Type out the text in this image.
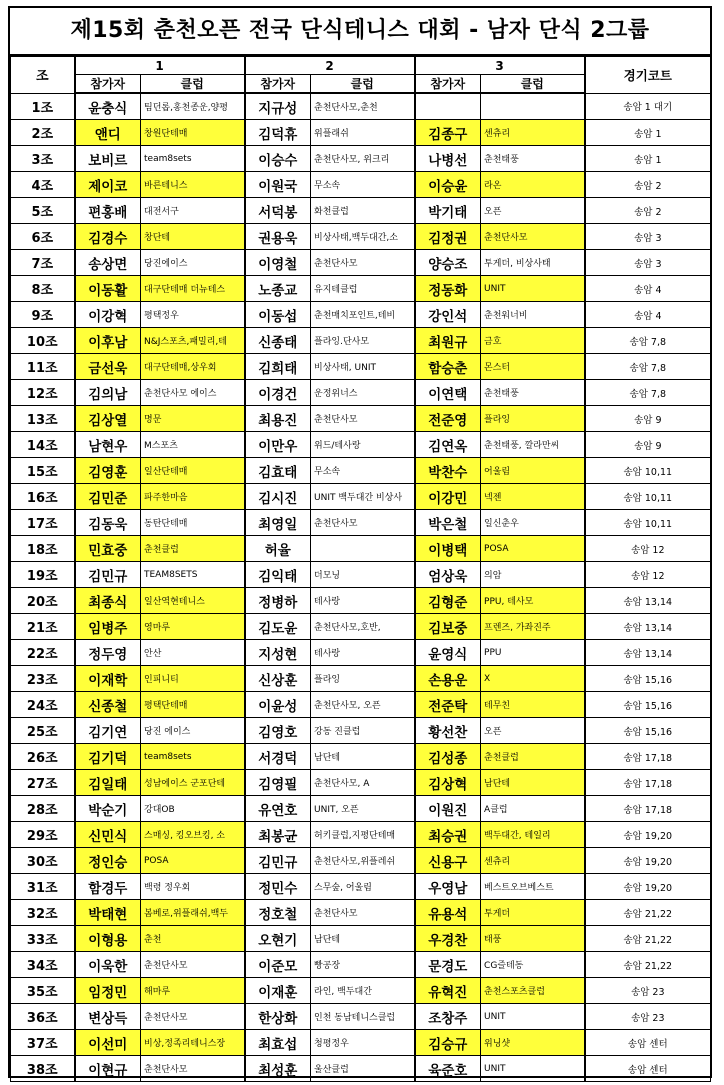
제15회 춘천오픈 전국 단식테니스 대회 - 남자 단식 2그룹
조	1		2		3		경기코트
	참가자	클럽	참가자	클럽	참가자	클럽	
1조	윤충식	팀던롭,홍천종운,양평	지규성	춘천단사모,춘천			송암 1 대기
2조	앤디	창원단테매	김덕휴	위플래쉬	김종구	센츄리	송암 1
3조	보비르	team8sets	이승수	춘천단사모, 위크리	나병선	춘천태풍	송암 1
4조	제이코	바른테니스	이원국	무소속	이승윤	라온	송암 2
5조	편홍배	대전서구	서덕봉	화천클럽	박기태	오픈	송암 2
6조	김경수	창단테	권용욱	비상사태,백두대간,소	김정권	춘천단사모	송암 3
7조	송상면	당진에이스	이영철	춘천단사모	양승조	투게더, 비상사태	송암 3
8조	이동활	대구단테매 더뉴테스	노종교	유지테클럽	정동화	UNIT	송암 4
9조	이강혁	평택정우	이동섭	춘천매치포인트,테비	강인석	춘천워너비	송암 4
10조	이후남	N&J스포츠,패밀리,테	신종태	플라잉.단사모	최원규	금호	송암 7,8
11조	금선욱	대구단테매,상우회	김희태	비상사태, UNIT	함승춘	몬스터	송암 7,8
12조	김의남	춘천단사모 에이스	이경건	운정위너스	이연택	춘천태풍	송암 7,8
13조	김상열	명문	최용진	춘천단사모	전준영	플라잉	송암 9
14조	남현우	M스포츠	이만우	위드/테사랑	김연옥	춘천태풍, 깔라만씨	송암 9
15조	김영훈	일산단테매	김효태	무소속	박찬수	어울림	송암 10,11
16조	김민준	파주한마음	김시진	UNIT 백두대간 비상사	이강민	넥젠	송암 10,11
17조	김동욱	동탄단테매	최영일	춘천단사모	박은철	일신춘우	송암 10,11
18조	민효중	춘천클럽	허율		이병택	POSA	송암 12
19조	김민규	TEAM8SETS	김익태	더모닝	엄상욱	의암	송암 12
20조	최종식	일산역현테니스	정병하	테사랑	김형준	PPU, 테사모	송암 13,14
21조	임병주	영마루	김도윤	춘천단사모,호반,	김보중	프렌즈, 가좌진주	송암 13,14
22조	정두영	안산	지성현	테사랑	윤영식	PPU	송암 13,14
23조	이재학	인피니티	신상훈	플라잉	손용운	X	송암 15,16
24조	신종철	평택단테매	이윤성	춘천단사모, 오픈	전준탁	테무친	송암 15,16
25조	김기연	당진 에이스	김영호	강동 진클럽	황선찬	오픈	송암 15,16
26조	김기덕	team8sets	서경덕	남단테	김성종	춘천클럽	송암 17,18
27조	김일태	성남에이스 군포단테	김영필	춘천단사모, A	김상혁	남단테	송암 17,18
28조	박순기	강대OB	유연호	UNIT, 오픈	이원진	A클럽	송암 17,18
29조	신민식	스매싱, 킹오브킹, 소	최봉균	허키클럽,지평단테매	최승권	백두대간, 테일리	송암 19,20
30조	정인승	POSA	김민규	춘천단사모,위플레쉬	신용구	센츄리	송암 19,20
31조	함경두	백령 정우회	정민수	스무숲, 어울림	우영남	베스트오브베스트	송암 19,20
32조	박태현	봄베로,위플래쉬,백두	정호철	춘천단사모	유용석	투게더	송암 21,22
33조	이형용	춘천	오현기	남단테	우경찬	태풍	송암 21,22
34조	이욱한	춘천단사모	이준모	빵공장	문경도	CG즐테동	송암 21,22
35조	임정민	해마루	이재훈	라인, 백두대간	유혁진	춘천스포츠클럽	송암 23
36조	변상득	춘천단사모	한상화	인천 동남테니스클럽	조창주	UNIT	송암 23
37조	이선미	비상,정족리테니스장	최효섭	청평정우	김승규	위닝샷	송암 센터
38조	이현규	춘천단사모	최성훈	울산클럽	육준호	UNIT	송암 센터
